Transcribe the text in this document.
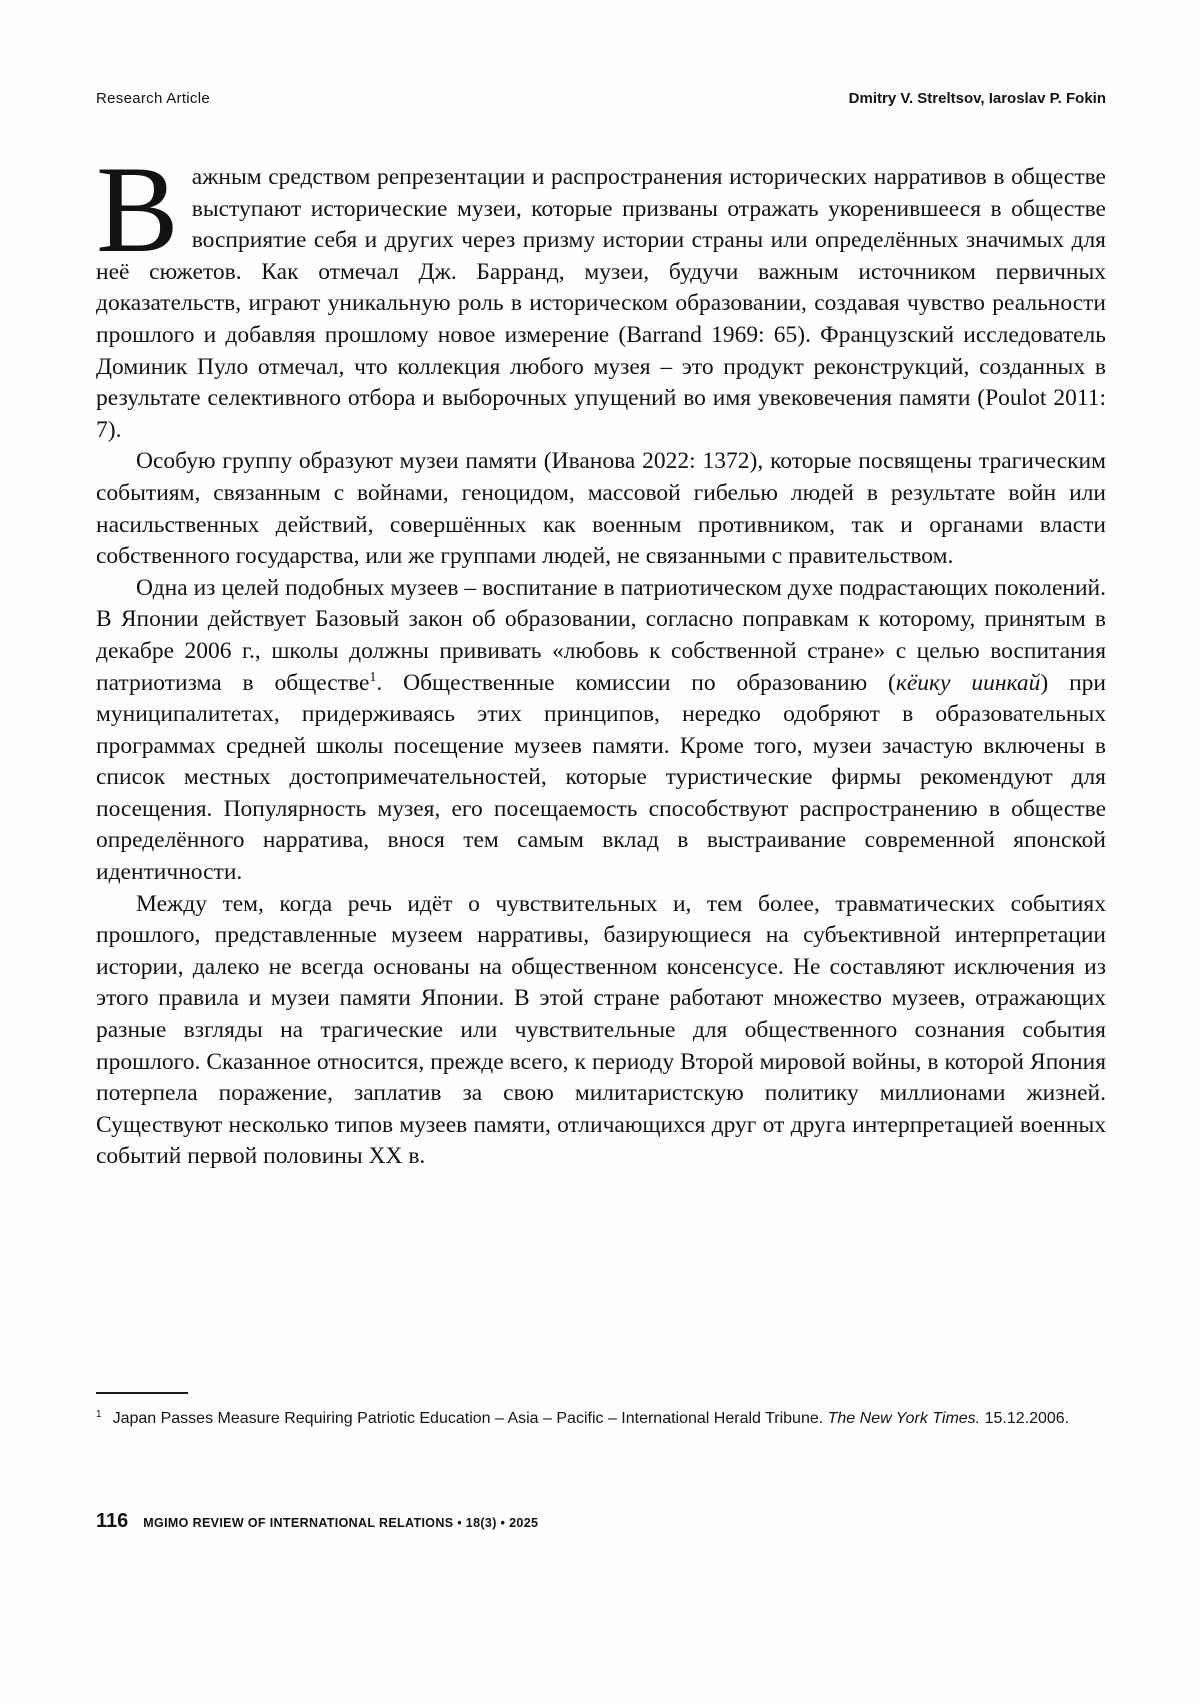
Research Article	Dmitry V. Streltsov, Iaroslav P. Fokin

Важным средством репрезентации и распространения исторических нарративов в обществе выступают исторические музеи, которые призваны отражать укоренившееся в обществе восприятие себя и других через призму истории страны или определённых значимых для неё сюжетов. Как отмечал Дж. Барранд, музеи, будучи важным источником первичных доказательств, играют уникальную роль в историческом образовании, создавая чувство реальности прошлого и добавляя прошлому новое измерение (Barrand 1969: 65). Французский исследователь Доминик Пуло отмечал, что коллекция любого музея – это продукт реконструкций, созданных в результате селективного отбора и выборочных упущений во имя увековечения памяти (Poulot 2011: 7).

Особую группу образуют музеи памяти (Иванова 2022: 1372), которые посвящены трагическим событиям, связанным с войнами, геноцидом, массовой гибелью людей в результате войн или насильственных действий, совершённых как военным противником, так и органами власти собственного государства, или же группами людей, не связанными с правительством.

Одна из целей подобных музеев – воспитание в патриотическом духе подрастающих поколений. В Японии действует Базовый закон об образовании, согласно поправкам к которому, принятым в декабре 2006 г., школы должны прививать «любовь к собственной стране» с целью воспитания патриотизма в обществе$^1$. Общественные комиссии по образованию (кёику иинкай) при муниципалитетах, придерживаясь этих принципов, нередко одобряют в образовательных программах средней школы посещение музеев памяти. Кроме того, музеи зачастую включены в список местных достопримечательностей, которые туристические фирмы рекомендуют для посещения. Популярность музея, его посещаемость способствуют распространению в обществе определённого нарратива, внося тем самым вклад в выстраивание современной японской идентичности.

Между тем, когда речь идёт о чувствительных и, тем более, травматических событиях прошлого, представленные музеем нарративы, базирующиеся на субъективной интерпретации истории, далеко не всегда основаны на общественном консенсусе. Не составляют исключения из этого правила и музеи памяти Японии. В этой стране работают множество музеев, отражающих разные взгляды на трагические или чувствительные для общественного сознания события прошлого. Сказанное относится, прежде всего, к периоду Второй мировой войны, в которой Япония потерпела поражение, заплатив за свою милитаристскую политику миллионами жизней. Существуют несколько типов музеев памяти, отличающихся друг от друга интерпретацией военных событий первой половины XX в.

$^1$ Japan Passes Measure Requiring Patriotic Education – Asia – Pacific – International Herald Tribune. The New York Times. 15.12.2006.

116 MGIMO REVIEW OF INTERNATIONAL RELATIONS • 18(3) • 2025
